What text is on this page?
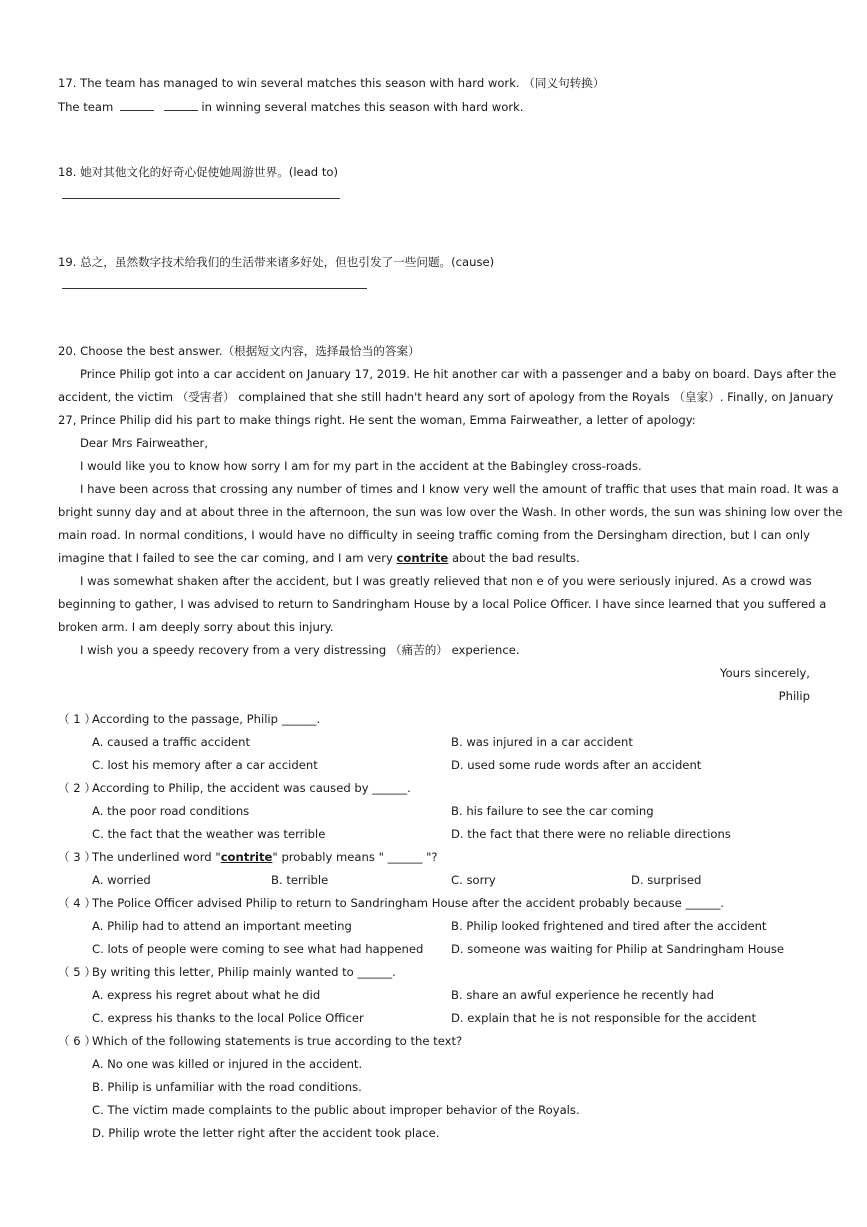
17. The team has managed to win several matches this season with hard work. （同义句转换）
The team	in winning several matches this season with hard work.
18. 她对其他文化的好奇心促使她周游世界。(lead to)
19. 总之，虽然数字技术给我们的生活带来诸多好处，但也引发了一些问题。(cause)
20. Choose the best answer.（根据短文内容，选择最恰当的答案）
Prince Philip got into a car accident on January 17, 2019. He hit another car with a passenger and a baby on board. Days after the
accident, the victim （受害者） complained that she still hadn't heard any sort of apology from the Royals （皇家）. Finally, on January
27, Prince Philip did his part to make things right. He sent the woman, Emma Fairweather, a letter of apology:
Dear Mrs Fairweather,
I would like you to know how sorry I am for my part in the accident at the Babingley cross-roads.
I have been across that crossing any number of times and I know very well the amount of traffic that uses that main road. It was a
bright sunny day and at about three in the afternoon, the sun was low over the Wash. In other words, the sun was shining low over the
main road. In normal conditions, I would have no difficulty in seeing traffic coming from the Dersingham direction, but I can only
imagine that I failed to see the car coming, and I am very contrite about the bad results.
I was somewhat shaken after the accident, but I was greatly relieved that non e of you were seriously injured. As a crowd was
beginning to gather, I was advised to return to Sandringham House by a local Police Officer. I have since learned that you suffered a
broken arm. I am deeply sorry about this injury.
I wish you a speedy recovery from a very distressing （痛苦的） experience.
Yours sincerely,
Philip
（ 1 ）According to the passage, Philip ______.
A. caused a traffic accident	B. was injured in a car accident
C. lost his memory after a car accident	D. used some rude words after an accident
（ 2 ）According to Philip, the accident was caused by ______.
A. the poor road conditions	B. his failure to see the car coming
C. the fact that the weather was terrible	D. the fact that there were no reliable directions
（ 3 ）The underlined word "contrite" probably means " ______ "?
A. worried	B. terrible	C. sorry	D. surprised
（ 4 ）The Police Officer advised Philip to return to Sandringham House after the accident probably because ______.
A. Philip had to attend an important meeting	B. Philip looked frightened and tired after the accident
C. lots of people were coming to see what had happened D. someone was waiting for Philip at Sandringham House
（ 5 ）By writing this letter, Philip mainly wanted to ______.
A. express his regret about what he did	B. share an awful experience he recently had
C. express his thanks to the local Police Officer	D. explain that he is not responsible for the accident
（ 6 ）Which of the following statements is true according to the text?
A. No one was killed or injured in the accident.
B. Philip is unfamiliar with the road conditions.
C. The victim made complaints to the public about improper behavior of the Royals.
D. Philip wrote the letter right after the accident took place.
